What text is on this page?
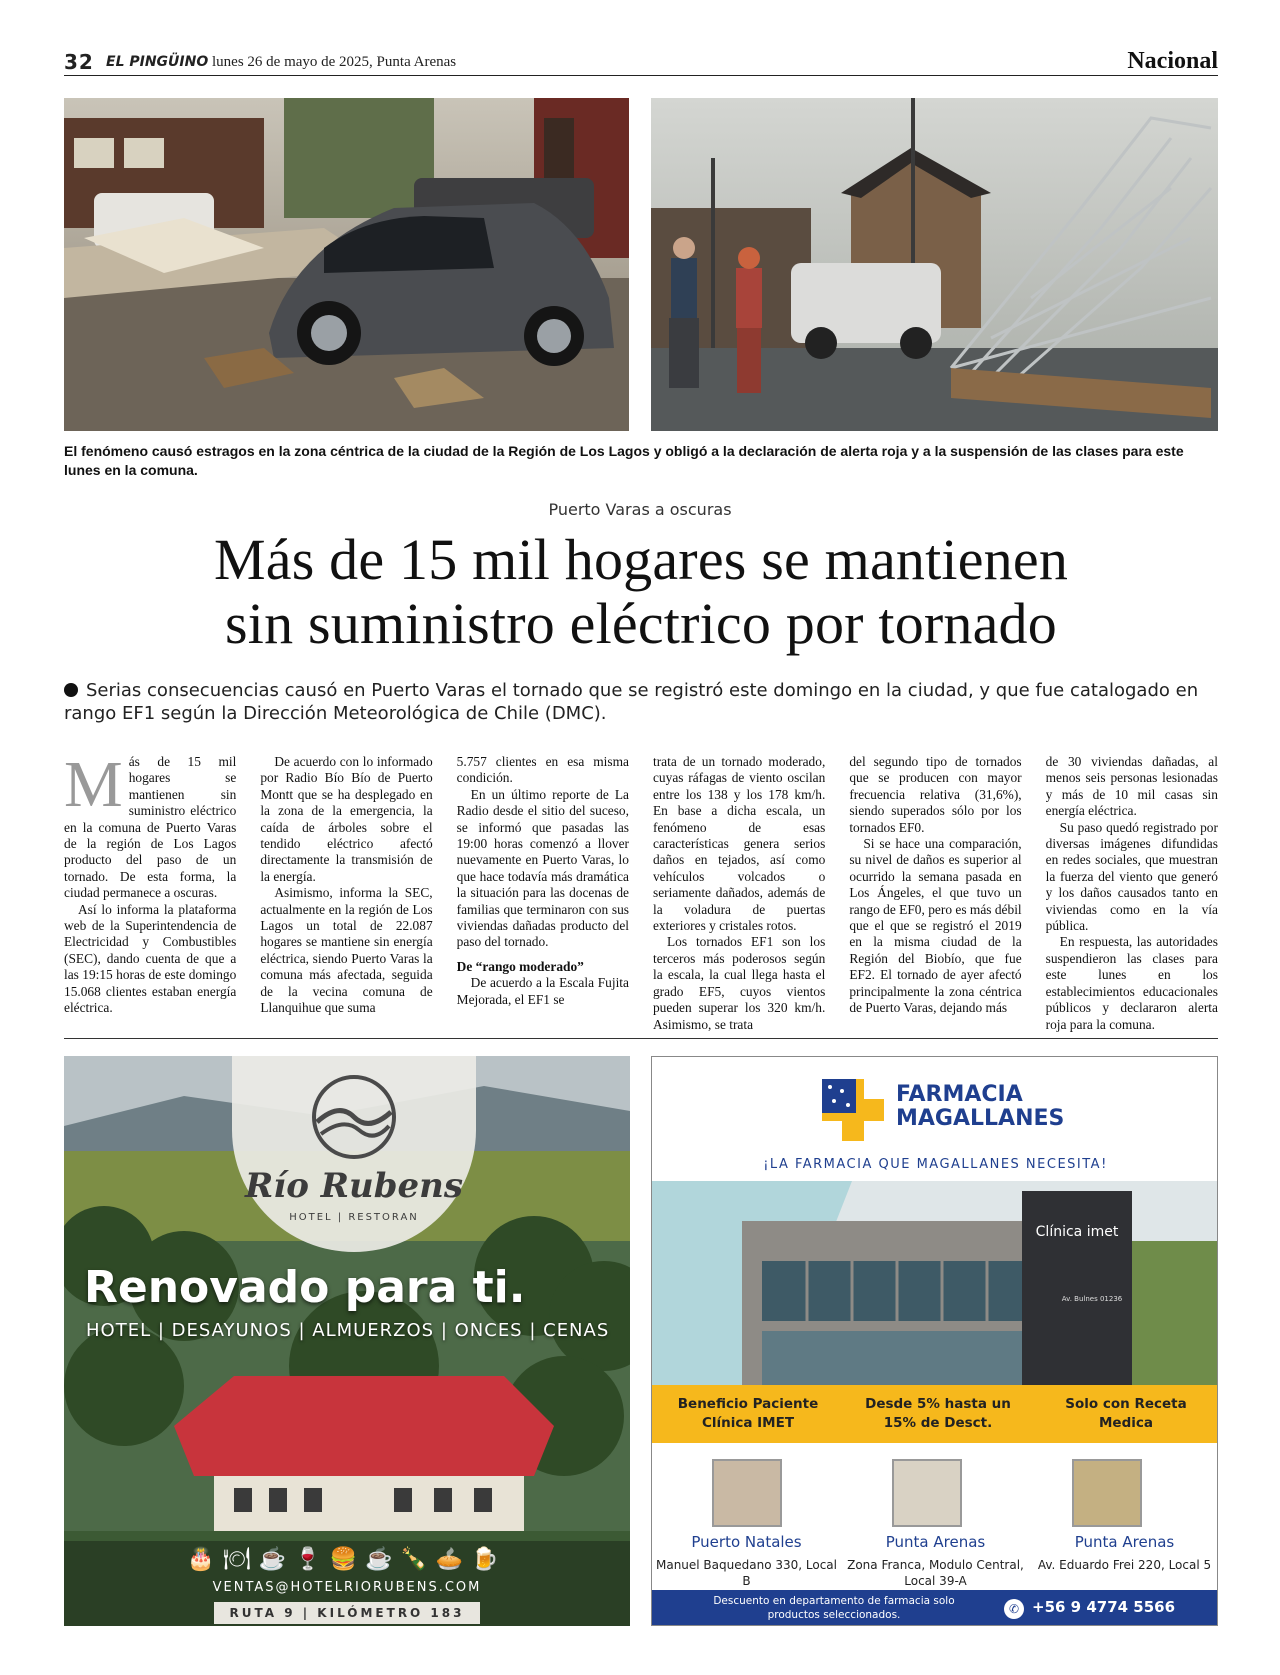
32 EL PINGÜINO lunes 26 de mayo de 2025, Punta Arenas	Nacional
El fenómeno causó estragos en la zona céntrica de la ciudad de la Región de Los Lagos y obligó a la declaración de alerta roja y a la suspensión de las clases para este lunes en la comuna.
Puerto Varas a oscuras
Más de 15 mil hogares se mantienen
sin suministro eléctrico por tornado
Serias consecuencias causó en Puerto Varas el tornado que se registró este domingo en la ciudad, y que fue catalogado en rango EF1 según la Dirección Meteorológica de Chile (DMC).
M ás de 15 mil hogares se mantienen sin suministro eléctrico en la comuna de Puerto Varas de la región de Los Lagos producto del paso de un tornado. De esta forma, la ciudad permanece a oscuras.

Así lo informa la plataforma web de la Superintendencia de Electricidad y Combustibles (SEC), dando cuenta de que a las 19:15 horas de este domingo 15.068 clientes estaban energía eléctrica.

De acuerdo con lo informado por Radio Bío Bío de Puerto Montt que se ha desplegado en la zona de la emergencia, la caída de árboles sobre el tendido eléctrico afectó directamente la transmisión de la energía.

Asimismo, informa la SEC, actualmente en la región de Los Lagos un total de 22.087 hogares se mantiene sin energía eléctrica, siendo Puerto Varas la comuna más afectada, seguida de la vecina comuna de Llanquihue que suma

5.757 clientes en esa misma condición.

En un último reporte de La Radio desde el sitio del suceso, se informó que pasadas las 19:00 horas comenzó a llover nuevamente en Puerto Varas, lo que hace todavía más dramática la situación para las docenas de familias que terminaron con sus viviendas dañadas producto del paso del tornado.

De “rango moderado”

De acuerdo a la Escala Fujita Mejorada, el EF1 se

trata de un tornado moderado, cuyas ráfagas de viento oscilan entre los 138 y los 178 km/h. En base a dicha escala, un fenómeno de esas características genera serios daños en tejados, así como vehículos volcados o seriamente dañados, además de la voladura de puertas exteriores y cristales rotos.

Los tornados EF1 son los terceros más poderosos según la escala, la cual llega hasta el grado EF5, cuyos vientos pueden superar los 320 km/h. Asimismo, se trata

del segundo tipo de tornados que se producen con mayor frecuencia relativa (31,6%), siendo superados sólo por los tornados EF0.

Si se hace una comparación, su nivel de daños es superior al ocurrido la semana pasada en Los Ángeles, el que tuvo un rango de EF0, pero es más débil que el que se registró el 2019 en la misma ciudad de la Región del Biobío, que fue EF2. El tornado de ayer afectó principalmente la zona céntrica de Puerto Varas, dejando más

de 30 viviendas dañadas, al menos seis personas lesionadas y más de 10 mil casas sin energía eléctrica.

Su paso quedó registrado por diversas imágenes difundidas en redes sociales, que muestran la fuerza del viento que generó y los daños causados tanto en viviendas como en la vía pública.

En respuesta, las autoridades suspendieron las clases para este lunes en los establecimientos educacionales públicos y declararon alerta roja para la comuna.

Río Rubens
HOTEL | RESTORAN
Renovado para ti.
HOTEL | DESAYUNOS | ALMUERZOS | ONCES | CENAS
🎂🍽☕🍷🍔☕🍾🥧🍺
VENTAS@HOTELRIORUBENS.COM
RUTA 9 | KILÓMETRO 183
FARMACIA
MAGALLANES
¡LA FARMACIA QUE MAGALLANES NECESITA!
Clínica imet
Av. Bulnes 01236
Beneficio Paciente Clínica IMET
Desde 5% hasta un 15% de Desct.
Solo con Receta Medica
Puerto Natales
Manuel Baquedano 330, Local B
Punta Arenas
Zona Franca, Modulo Central, Local 39-A
Punta Arenas
Av. Eduardo Frei 220, Local 5
Descuento en departamento de farmacia solo productos seleccionados.	✆ +56 9 4774 5566
